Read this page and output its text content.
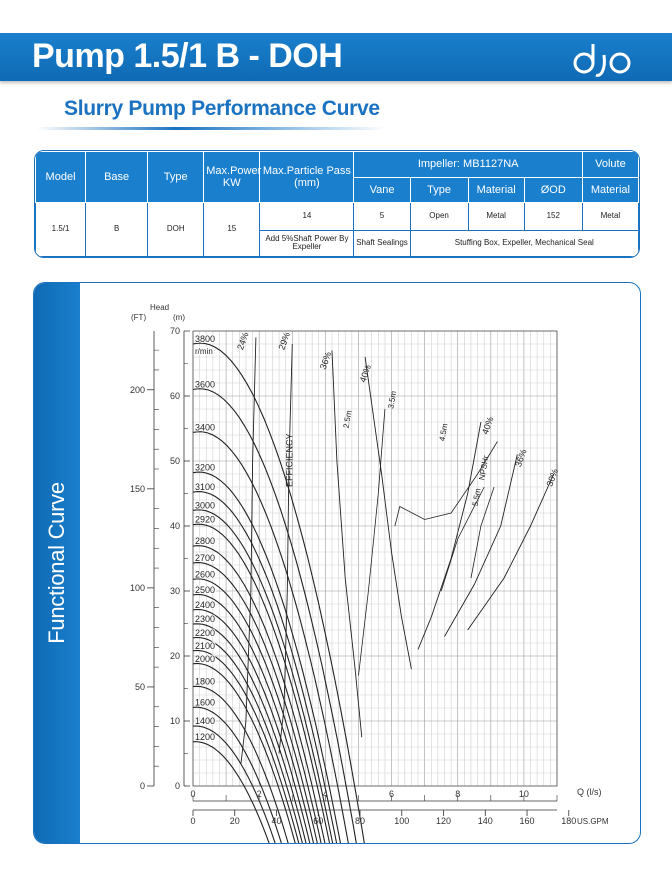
Pump 1.5/1 B - DOH
Slurry Pump Performance Curve
Model	Base	Type	Max.Power KW	Max.Particle Pass (mm)	Impeller: MB1127NA				Volute
					Vane	Type	Material	ØOD	Material
1.5/1	B	DOH	15	14	5	Open	Metal	152	Metal
				Add 5%Shaft Power By Expeller	Shaft Sealings	Stuffing Box, Expeller, Mechanical Seal			
Functional Curve
0
10
20
30
40
50
60
70
0
50
100
150
200
(FT)
Head
(m)
0	2	4	6	8	10
0	20	40	60	80	100	120	140	160	180
Q (l/s)
US.GPM
3800
3600
3400
3200
3100
3000
2920
2800
2700
2600
2500
2400
2300
2200
2100
2000
1800
1600
1400
1200
r/min
24%	29%
36%
40%
40%
36%
30%
EFFICIENCY
2.5m
3.5m
4.5m
5.5m
NPSHr
